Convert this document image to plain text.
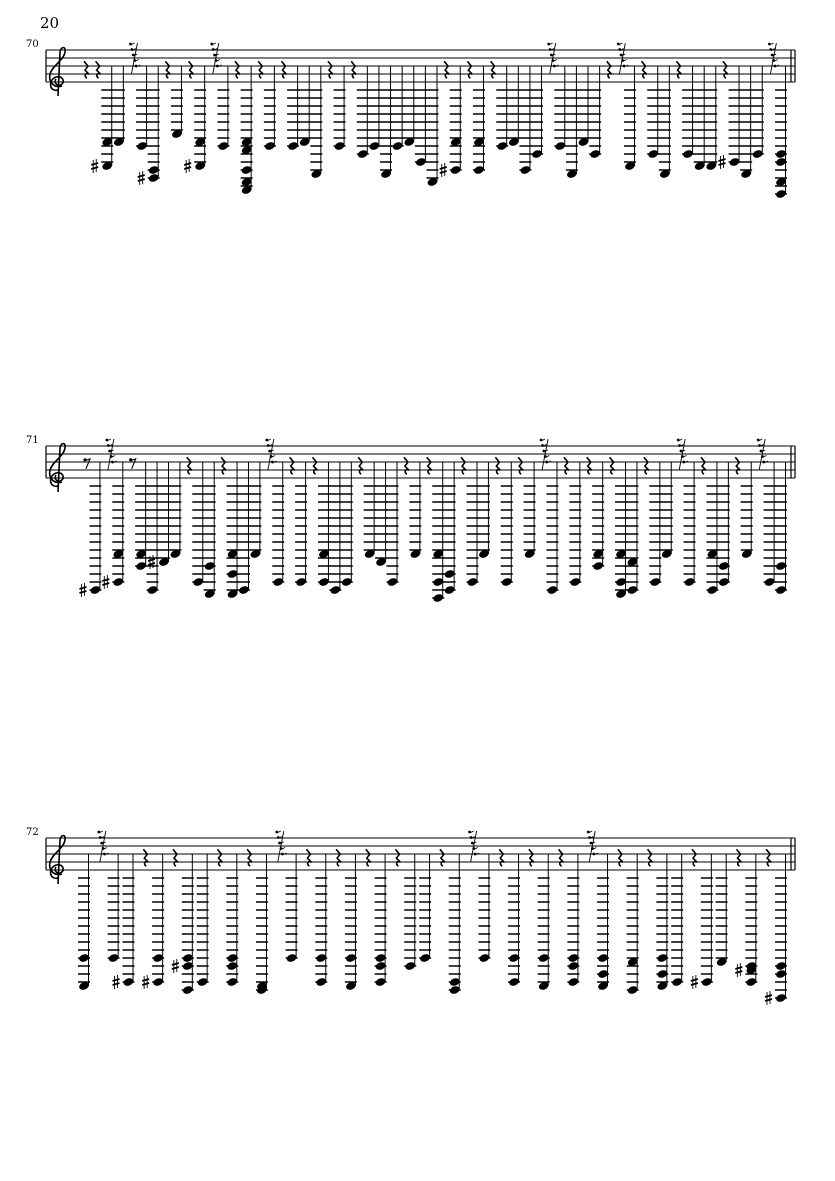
20
70
71
72
